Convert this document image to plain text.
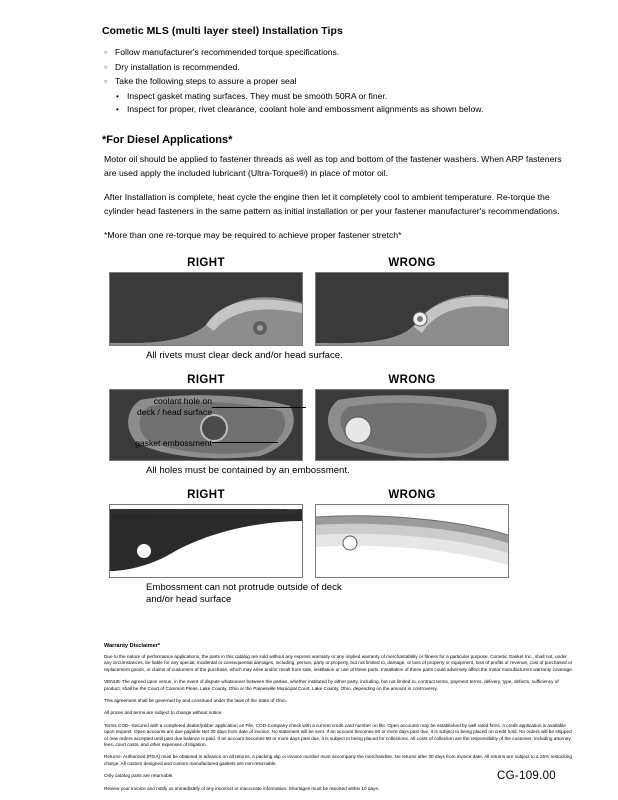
Cometic MLS (multi layer steel) Installation Tips
○ Follow manufacturer's recommended torque specifications.
○ Dry installation is recommended.
○ Take the following steps to assure a proper seal
• Inspect gasket mating surfaces. They must be smooth 50RA or finer.
• Inspect for proper, rivet clearance, coolant hole and embossment alignments as shown below.
*For Diesel Applications*

Motor oil should be applied to fastener threads as well as top and bottom of the fastener washers. When ARP fasteners are used apply the included lubricant (Ultra-Torque®) in place of motor oil.

After Installation is complete, heat cycle the engine then let it completely cool to ambient temperature. Re-torque the cylinder head fasteners in the same pattern as initial installation or per your fastener manufacturer's recommendations.

*More than one re-torque may be required to achieve proper fastener stretch*

RIGHT	WRONG
All rivets must clear deck and/or head surface.
coolant hole on
deck / head surface
gasket embossment
RIGHT	WRONG
All holes must be contained by an embossment.
RIGHT	WRONG
Embossment can not protrude outside of deck
and/or head surface
Warranty Disclaimer*

Due to the nature of performance applications, the parts in this catalog are sold without any express warranty or any implied warranty of merchantability or fitness for a particular purpose. Cometic Gasket Inc., shall not, under any circumstances, be liable for any special, incidental or consequential damages, including, person, party or property, but not limited to, damage, or loss of property or equipment, loss of profits or revenue, cost of purchased or replacement goods, or claims of customers of the purchase, which may arise and/or result from sale, instillation or use of these parts. Installation of these parts could adversely affect the motor manufacturers warranty coverage.

VENUE-The agreed upon venue, in the event of dispute whatsoever between the parties, whether instituted by either party, including, but not limited to, contract terms, payment terms, delivery, type, defects, sufficiency of product, shall be the Court of Common Pleas, Lake County, Ohio or the Painesville Municipal Court, Lake County, Ohio, depending on the amount in controversy.

This agreement shall be governed by and construed under the laws of the State of Ohio.

All prices and terms are subject to change without notice.

Terms COD- Secured with a completed dealer/jobber application on File, COD-Company check with a current credit card number on file. Open accounts may be established by well rated firms. A credit application is available upon request. Open accounts are due payable Net 30 days from date of invoice. No statement will be sent. If an account becomes 60 or more days past due, it is subject to being placed on credit hold. No orders will be shipped or new orders accepted until past due balance is paid. If an account becomes 90 or more days past due, it is subject to being placed for collections. All costs of collection are the responsibility of the customer, including attorney fees, court costs, and other expenses of litigation.

Returns- Authorized (RGA) must be obtained in advance on all returns. A packing slip or invoice number must accompany the merchandise. No returns after 30 days from invoice date. All returns are subject to a 25% restocking charge. All custom designed and custom manufactured gaskets are non-returnable.

Only catalog parts are returnable.

Review your invoice and notify us immediately of any incorrect or inaccurate information. Shortages must be reported within 10 days.

CG-109.00
